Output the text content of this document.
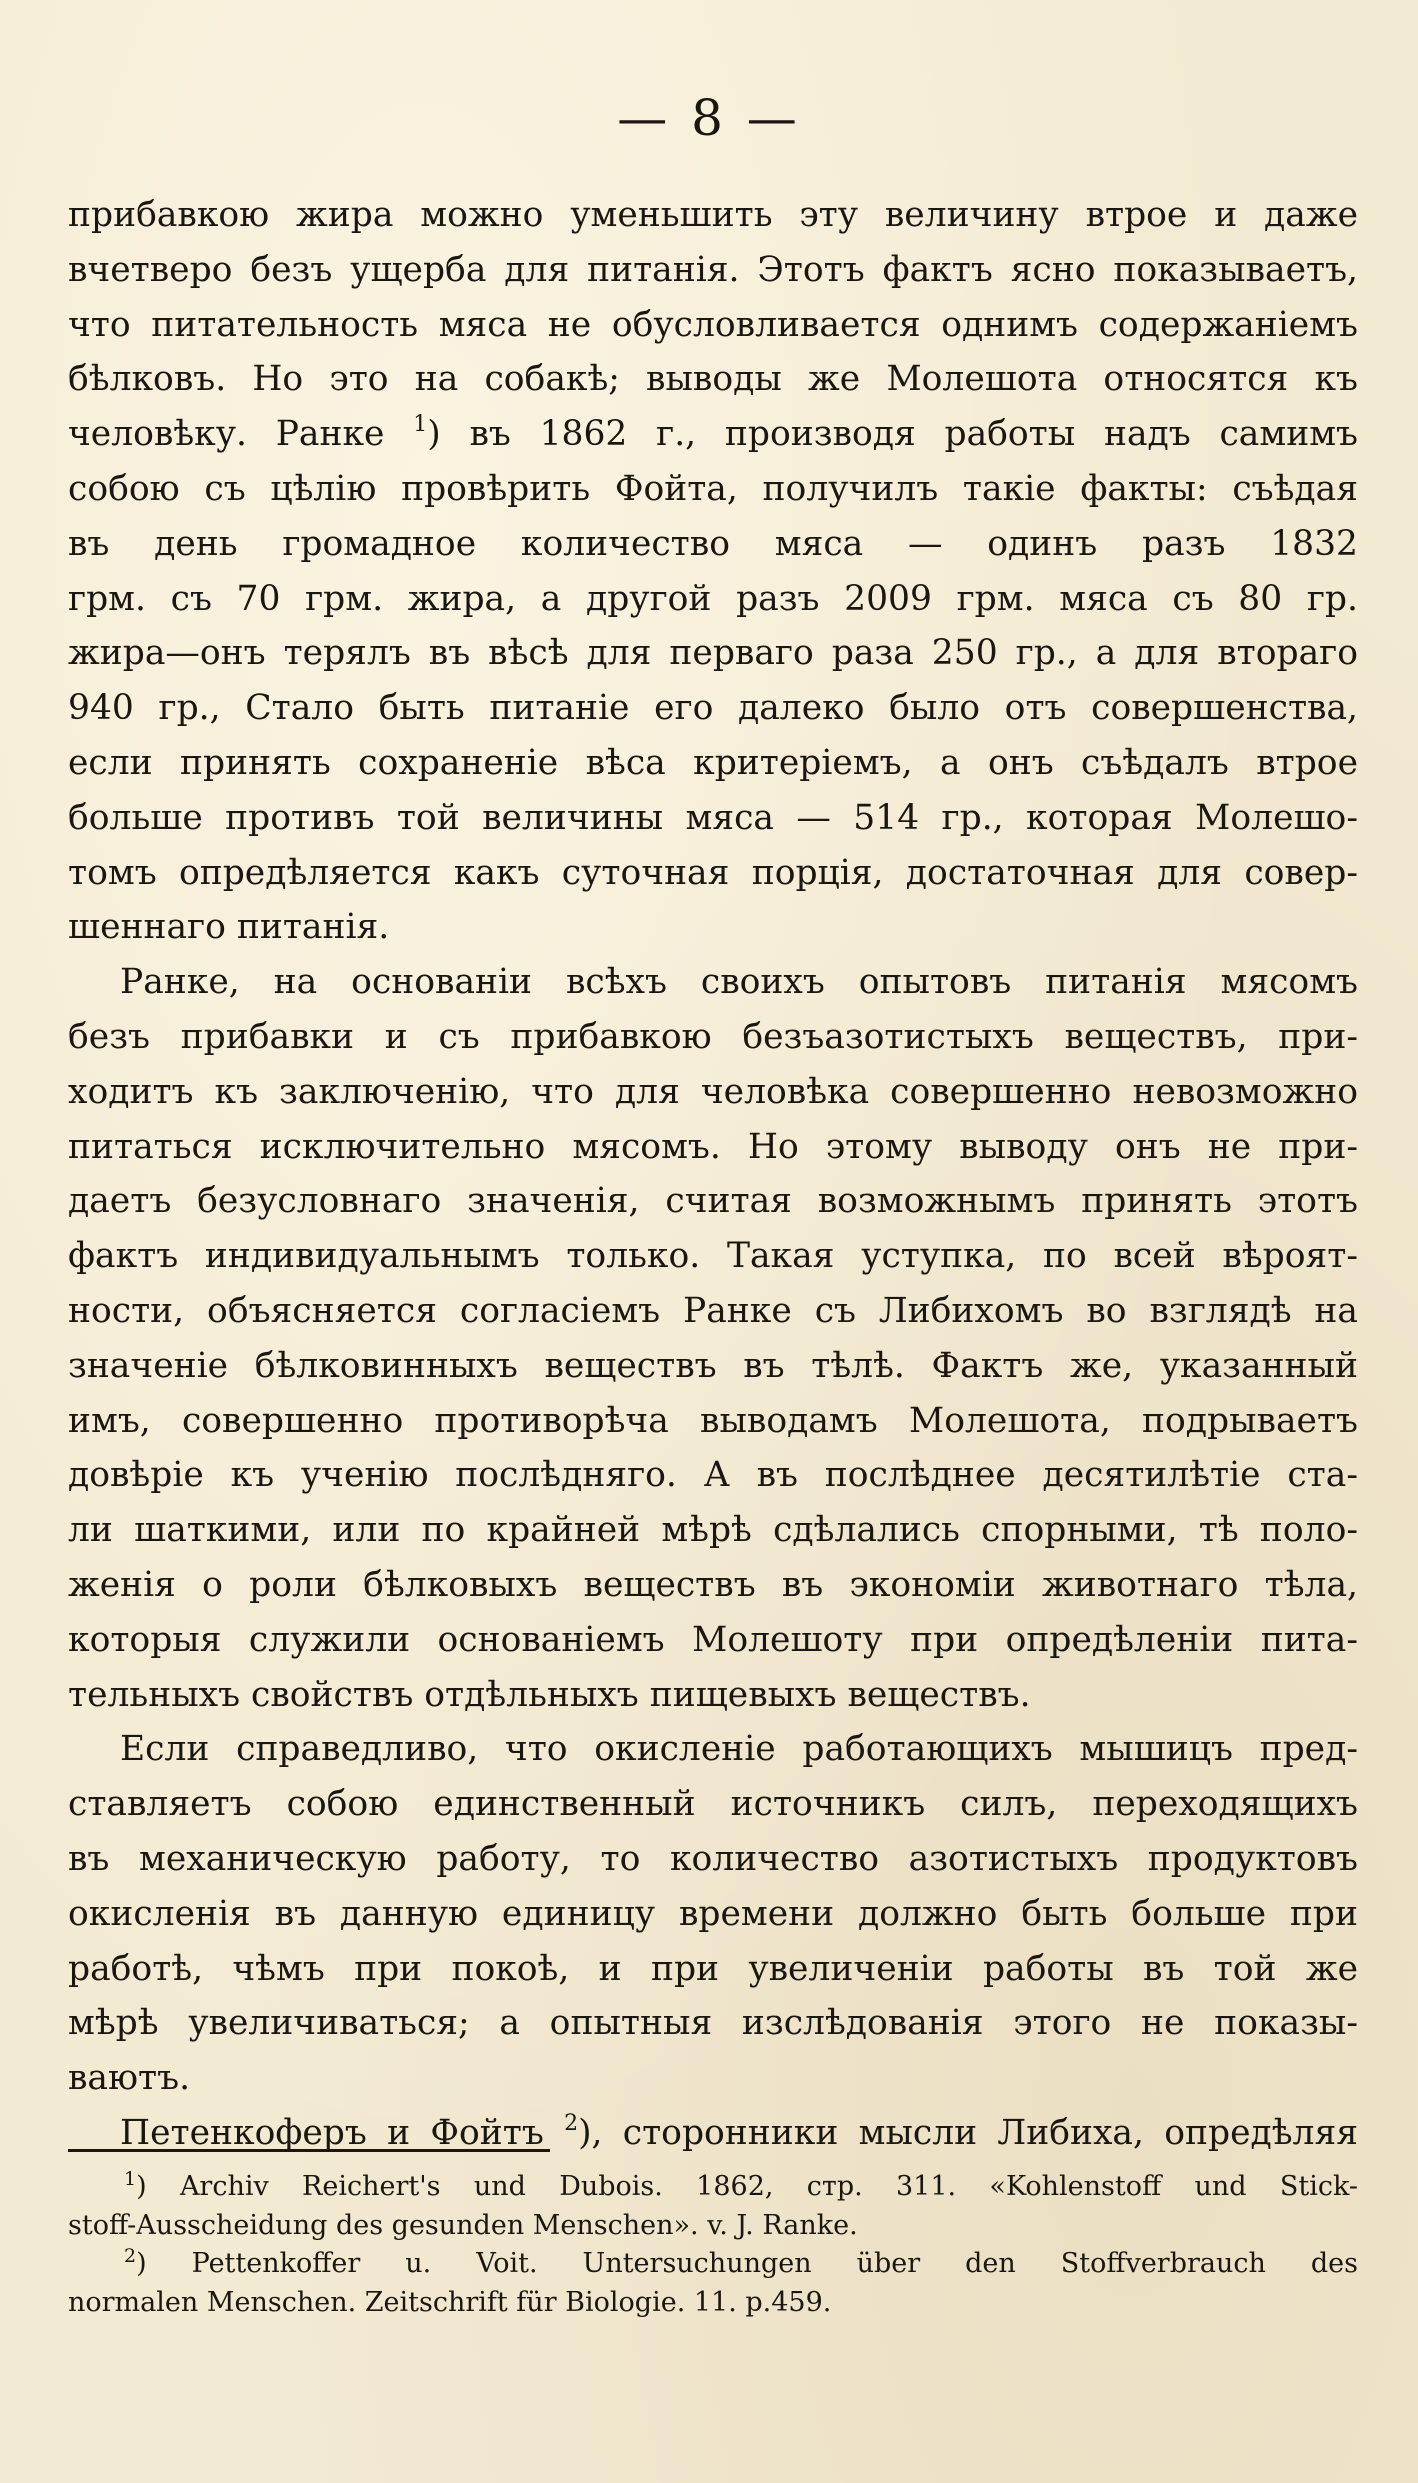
— 8 —
прибавкою жира можно уменьшить эту величину втрое и даже
вчетверо безъ ущерба для питанія. Этотъ фактъ ясно показываетъ,
что питательность мяса не обусловливается однимъ содержаніемъ
бѣлковъ. Но это на собакѣ; выводы же Молешота относятся къ
человѣку. Ранке $^1$) въ 1862 г., производя работы надъ самимъ
собою съ цѣлію провѣрить Фойта, получилъ такіе факты: съѣдая
въ день громадное количество мяса — одинъ разъ 1832
грм. съ 70 грм. жира, а другой разъ 2009 грм. мяса съ 80 гр.
жира—онъ терялъ въ вѣсѣ для перваго раза 250 гр., а для втораго
940 гр., Стало быть питаніе его далеко было отъ совершенства,
если принять сохраненіе вѣса критеріемъ, а онъ съѣдалъ втрое
больше противъ той величины мяса — 514 гр., которая Молешо-
томъ опредѣляется какъ суточная порція, достаточная для совер-
шеннаго питанія.
Ранке, на основаніи всѣхъ своихъ опытовъ питанія мясомъ
безъ прибавки и съ прибавкою безъазотистыхъ веществъ, при-
ходитъ къ заключенію, что для человѣка совершенно невозможно
питаться исключительно мясомъ. Но этому выводу онъ не при-
даетъ безусловнаго значенія, считая возможнымъ принять этотъ
фактъ индивидуальнымъ только. Такая уступка, по всей вѣроят-
ности, объясняется согласіемъ Ранке съ Либихомъ во взглядѣ на
значеніе бѣлковинныхъ веществъ въ тѣлѣ. Фактъ же, указанный
имъ, совершенно противорѣча выводамъ Молешота, подрываетъ
довѣріе къ ученію послѣдняго. А въ послѣднее десятилѣтіе ста-
ли шаткими, или по крайней мѣрѣ сдѣлались спорными, тѣ поло-
женія о роли бѣлковыхъ веществъ въ экономіи животнаго тѣла,
которыя служили основаніемъ Молешоту при опредѣленіи пита-
тельныхъ свойствъ отдѣльныхъ пищевыхъ веществъ.
Если справедливо, что окисленіе работающихъ мышицъ пред-
ставляетъ собою единственный источникъ силъ, переходящихъ
въ механическую работу, то количество азотистыхъ продуктовъ
окисленія въ данную единицу времени должно быть больше при
работѣ, чѣмъ при покоѣ, и при увеличеніи работы въ той же
мѣрѣ увеличиваться; а опытныя изслѣдованія этого не показы-
ваютъ.
Петенкоферъ и Фойтъ $^2$), сторонники мысли Либиха, опредѣляя
$^1$) Archiv Reichert's und Dubois. 1862, стр. 311. «Kohlenstoff und Stick-
stoff-Ausscheidung des gesunden Menschen». v. J. Ranke.
$^2$) Pettenkoffer u. Voit. Untersuchungen über den Stoffverbrauch des
normalen Menschen. Zeitschrift für Biologie. 11. p.459.
